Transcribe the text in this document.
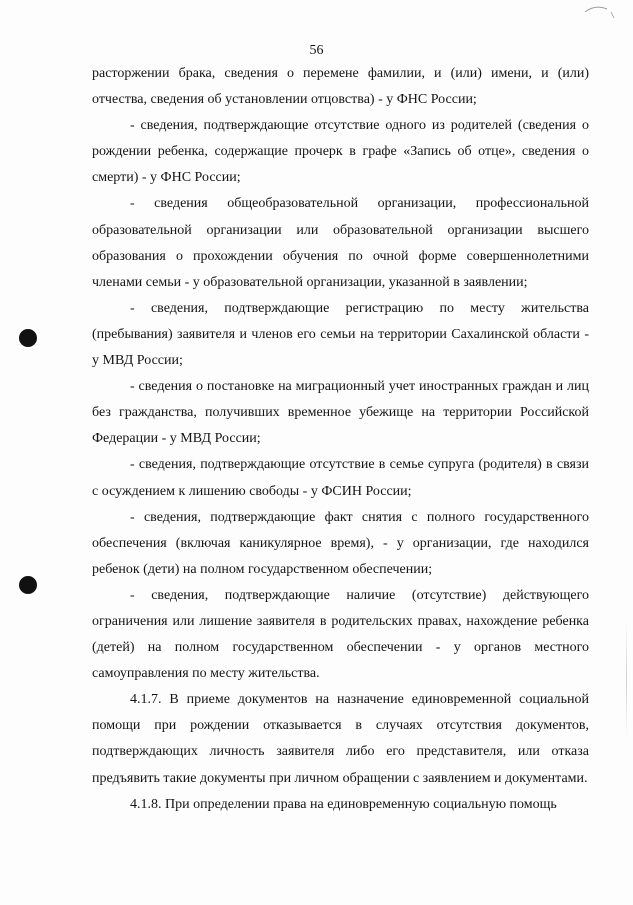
56

расторжении брака, сведения о перемене фамилии, и (или) имени, и (или) отчества, сведения об установлении отцовства) - у ФНС России;

- сведения, подтверждающие отсутствие одного из родителей (сведения о рождении ребенка, содержащие прочерк в графе «Запись об отце», сведения о смерти) - у ФНС России;

- сведения общеобразовательной организации, профессиональной образовательной организации или образовательной организации высшего образования о прохождении обучения по очной форме совершеннолетними членами семьи - у образовательной организации, указанной в заявлении;

- сведения, подтверждающие регистрацию по месту жительства (пребывания) заявителя и членов его семьи на территории Сахалинской области - у МВД России;

- сведения о постановке на миграционный учет иностранных граждан и лиц без гражданства, получивших временное убежище на территории Российской Федерации - у МВД России;

- сведения, подтверждающие отсутствие в семье супруга (родителя) в связи с осуждением к лишению свободы - у ФСИН России;

- сведения, подтверждающие факт снятия с полного государственного обеспечения (включая каникулярное время), - у организации, где находился ребенок (дети) на полном государственном обеспечении;

- сведения, подтверждающие наличие (отсутствие) действующего ограничения или лишение заявителя в родительских правах, нахождение ребенка (детей) на полном государственном обеспечении - у органов местного самоуправления по месту жительства.

4.1.7. В приеме документов на назначение единовременной социальной помощи при рождении отказывается в случаях отсутствия документов, подтверждающих личность заявителя либо его представителя, или отказа предъявить такие документы при личном обращении с заявлением и документами.

4.1.8. При определении права на единовременную социальную помощь
